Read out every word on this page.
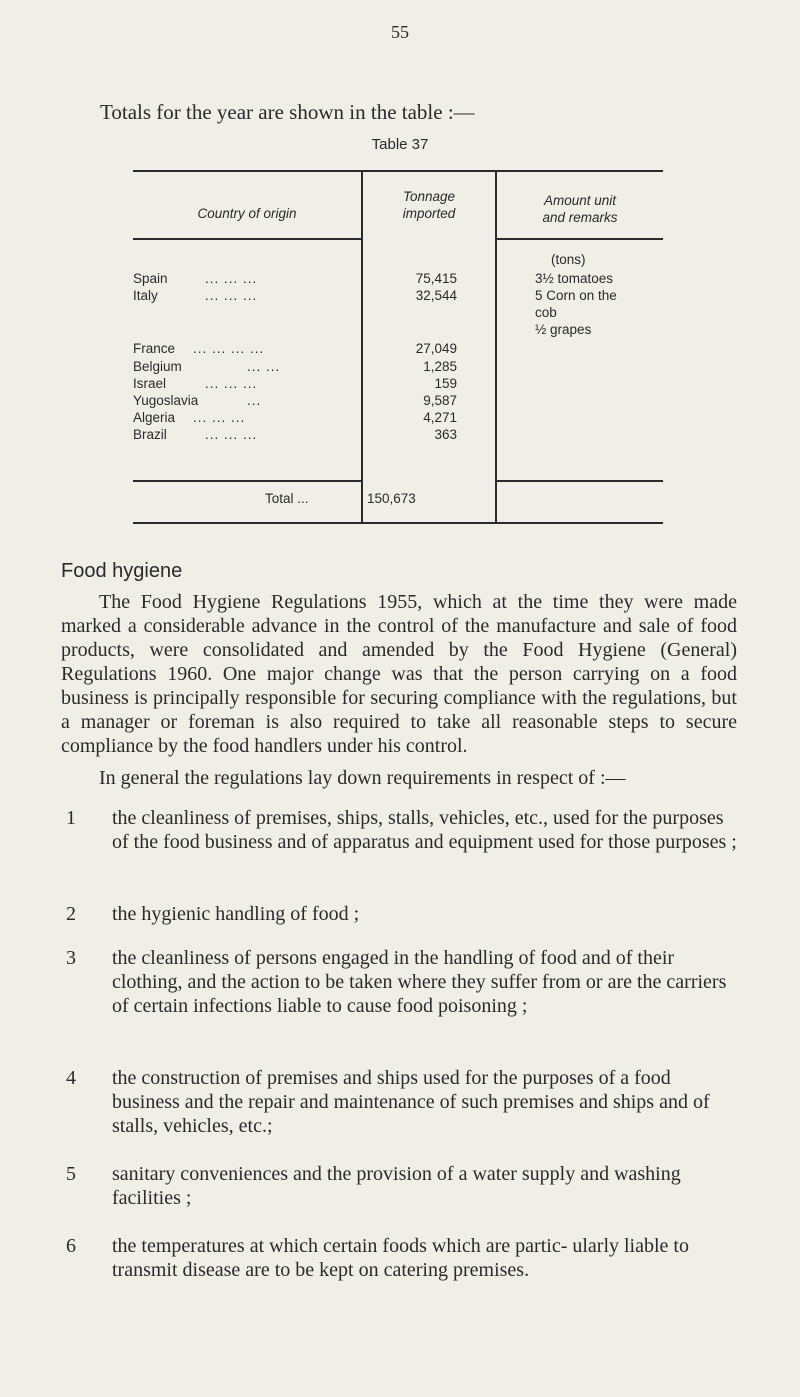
55
Totals for the year are shown in the table :—
Table 37
Country of origin
Tonnage
imported
Amount unit
and remarks
(tons)
Spain	... ... ...	75,415	3½ tomatoes
Italy	... ... ...	32,544	5 Corn on the
cob
½ grapes
France ... ... ... ...	27,049
Belgium	... ...	1,285
Israel	... ... ...	159
Yugoslavia	...	9,587
Algeria ... ... ...	4,271
Brazil	... ... ...	363
Total ...	150,673
Food hygiene

The Food Hygiene Regulations 1955, which at the time they were made marked a considerable advance in the control of the manufacture and sale of food products, were consolidated and amended by the Food Hygiene (General) Regulations 1960. One major change was that the person carrying on a food business is principally responsible for securing compliance with the regulations, but a manager or foreman is also required to take all reasonable steps to secure compliance by the food handlers under his control.

In general the regulations lay down requirements in respect of :—

1 the cleanliness of premises, ships, stalls, vehicles, etc., used for the purposes of the food business and of apparatus and equipment used for those purposes ;

2 the hygienic handling of food ;

3 the cleanliness of persons engaged in the handling of food and of their clothing, and the action to be taken where they suffer from or are the carriers of certain infections liable to cause food poisoning ;

4 the construction of premises and ships used for the purposes of a food business and the repair and maintenance of such premises and ships and of stalls, vehicles, etc.;

5 sanitary conveniences and the provision of a water supply and washing facilities ;

6 the temperatures at which certain foods which are partic- ularly liable to transmit disease are to be kept on catering premises.
